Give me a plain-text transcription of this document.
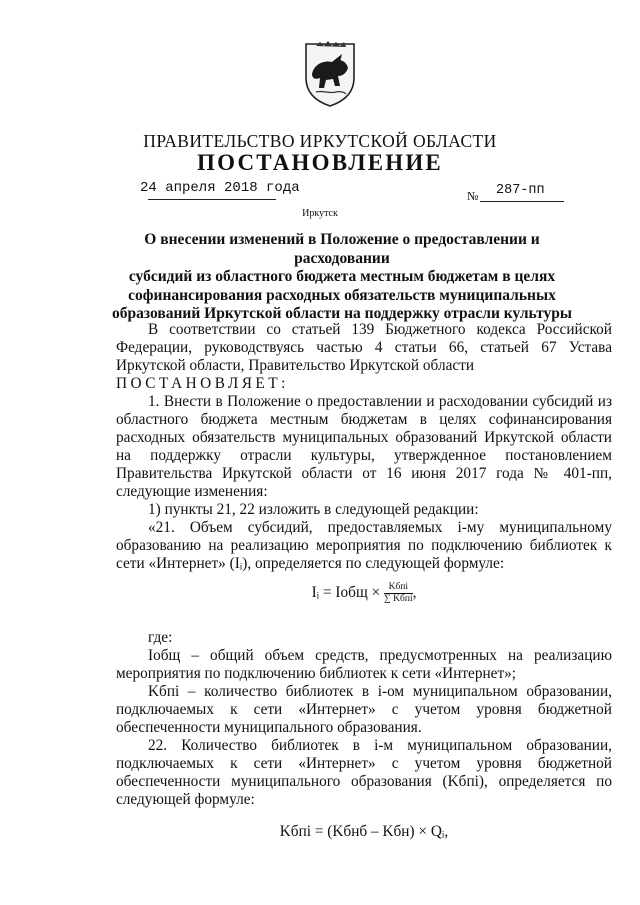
ПРАВИТЕЛЬСТВО ИРКУТСКОЙ ОБЛАСТИ
ПОСТАНОВЛЕНИЕ
24 апреля 2018 года	№ 287-пп
Иркутск
О внесении изменений в Положение о предоставлении и расходовании
субсидий из областного бюджета местным бюджетам в целях
софинансирования расходных обязательств муниципальных
образований Иркутской области на поддержку отрасли культуры

В соответствии со статьей 139 Бюджетного кодекса Российской Федерации, руководствуясь частью 4 статьи 66, статьей 67 Устава Иркутской области, Правительство Иркутской области

ПОСТАНОВЛЯЕТ:

1. Внести в Положение о предоставлении и расходовании субсидий из областного бюджета местным бюджетам в целях софинансирования расходных обязательств муниципальных образований Иркутской области на поддержку отрасли культуры, утвержденное постановлением Правительства Иркутской области от 16 июня 2017 года № 401-пп, следующие изменения:

1) пункты 21, 22 изложить в следующей редакции:

«21. Объем субсидий, предоставляемых i-му муниципальному образованию на реализацию мероприятия по подключению библиотек к сети «Интернет» (Iᵢ), определяется по следующей формуле:

Iᵢ = Iобщ × $\frac{\text{Kбпi}}{\text{∑ Kбпi}}$ ,

где:

Iобщ – общий объем средств, предусмотренных на реализацию мероприятия по подключению библиотек к сети «Интернет»;

Kбпi – количество библиотек в i-ом муниципальном образовании, подключаемых к сети «Интернет» с учетом уровня бюджетной обеспеченности муниципального образования.

22. Количество библиотек в i-м муниципальном образовании, подключаемых к сети «Интернет» с учетом уровня бюджетной обеспеченности муниципального образования (Kбпi), определяется по следующей формуле:

Kбпi = (Kбнб – Kбн) × Qᵢ,
